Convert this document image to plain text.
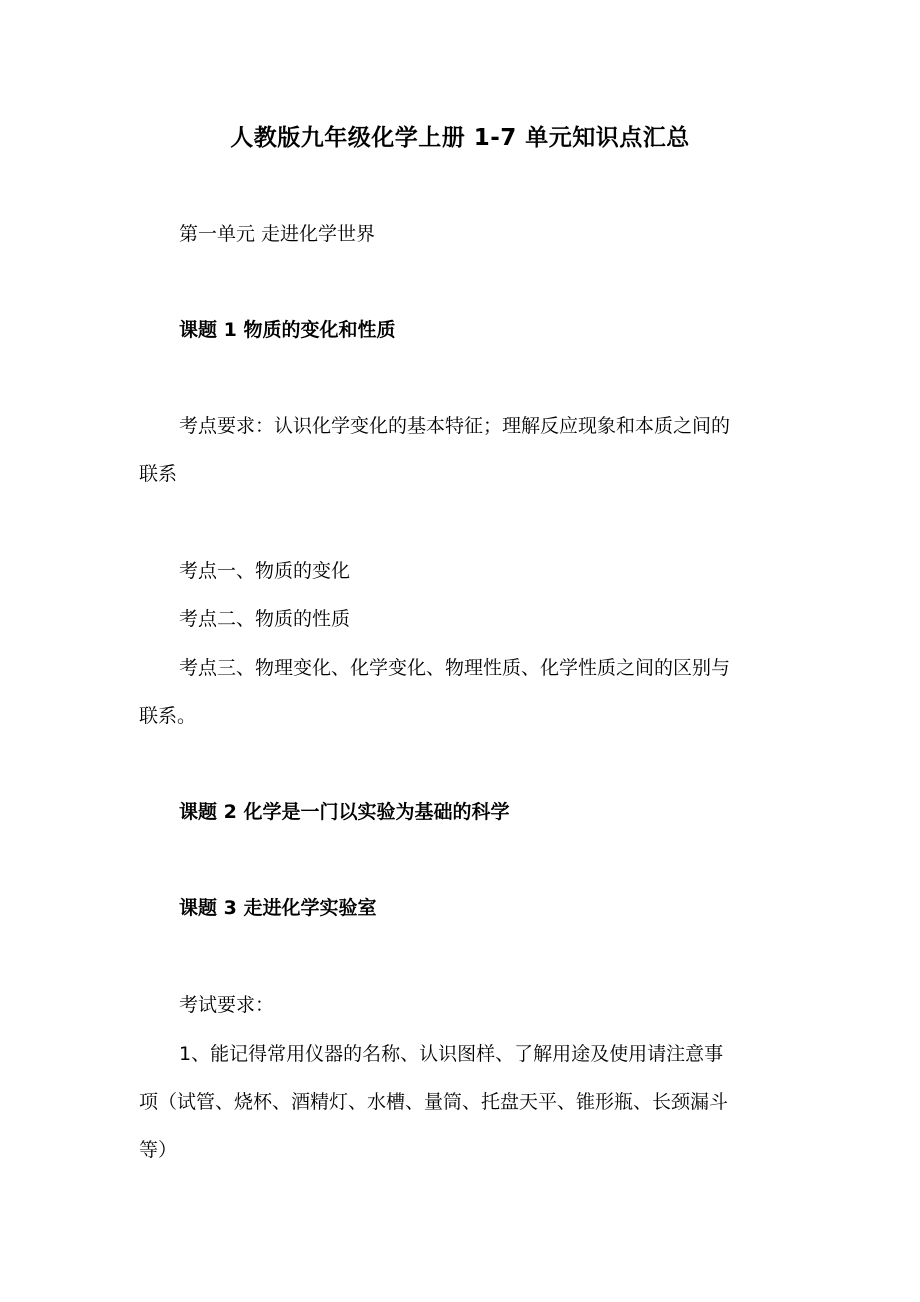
人教版九年级化学上册 1-7 单元知识点汇总
第一单元 走进化学世界
课题 1 物质的变化和性质
考点要求：认识化学变化的基本特征；理解反应现象和本质之间的
联系
考点一、物质的变化
考点二、物质的性质
考点三、物理变化、化学变化、物理性质、化学性质之间的区别与
联系。
课题 2 化学是一门以实验为基础的科学
课题 3 走进化学实验室
考试要求：
1、能记得常用仪器的名称、认识图样、了解用途及使用请注意事
项（试管、烧杯、酒精灯、水槽、量筒、托盘天平、锥形瓶、长颈漏斗
等）
